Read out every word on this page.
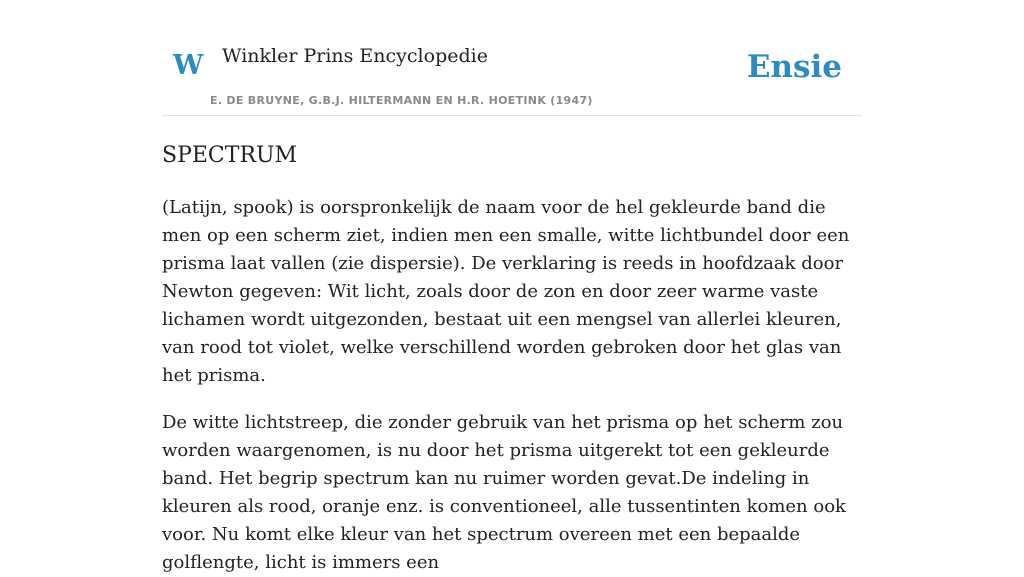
W Winkler Prins Encyclopedie
E. DE BRUYNE, G.B.J. HILTERMANN EN H.R. HOETINK (1947)
Ensie
SPECTRUM

(Latijn, spook) is oorspronkelijk de naam voor de hel gekleurde band die men op een scherm ziet, indien men een smalle, witte lichtbundel door een prisma laat vallen (zie dispersie). De verklaring is reeds in hoofdzaak door Newton gegeven: Wit licht, zoals door de zon en door zeer warme vaste lichamen wordt uitgezonden, bestaat uit een mengsel van allerlei kleuren, van rood tot violet, welke verschillend worden gebroken door het glas van het prisma.

De witte lichtstreep, die zonder gebruik van het prisma op het scherm zou worden waargenomen, is nu door het prisma uitgerekt tot een gekleurde band. Het begrip spectrum kan nu ruimer worden gevat.De indeling in kleuren als rood, oranje enz. is conventioneel, alle tussentinten komen ook voor. Nu komt elke kleur van het spectrum overeen met een bepaalde golflengte, licht is immers een
